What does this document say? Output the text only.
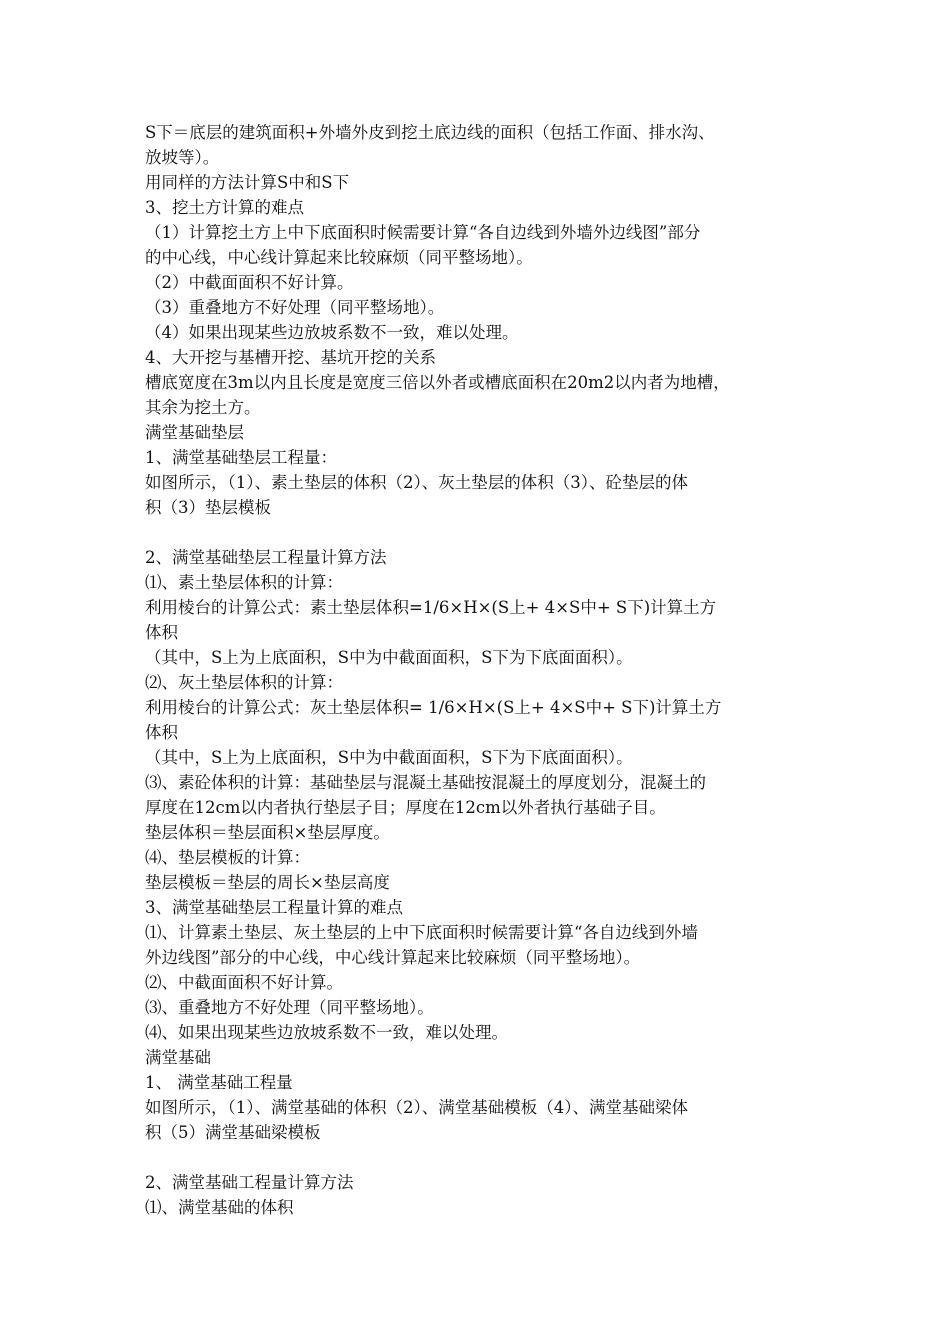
S下＝底层的建筑面积+外墙外皮到挖土底边线的面积（包括工作面、排水沟、
放坡等）。
用同样的方法计算S中和S下
3、挖土方计算的难点
（1）计算挖土方上中下底面积时候需要计算“各自边线到外墙外边线图”部分
的中心线，中心线计算起来比较麻烦（同平整场地）。
（2）中截面面积不好计算。
（3）重叠地方不好处理（同平整场地）。
（4）如果出现某些边放坡系数不一致，难以处理。
4、大开挖与基槽开挖、基坑开挖的关系
槽底宽度在3m以内且长度是宽度三倍以外者或槽底面积在20m2以内者为地槽，
其余为挖土方。
满堂基础垫层
1、满堂基础垫层工程量：
如图所示，（1）、素土垫层的体积（2）、灰土垫层的体积（3）、砼垫层的体
积（3）垫层模板
2、满堂基础垫层工程量计算方法
⑴、素土垫层体积的计算：
利用棱台的计算公式：素土垫层体积=1/6×H×(S上+ 4×S中+ S下)计算土方
体积
（其中，S上为上底面积，S中为中截面面积，S下为下底面面积）。
⑵、灰土垫层体积的计算：
利用棱台的计算公式：灰土垫层体积= 1/6×H×(S上+ 4×S中+ S下)计算土方
体积
（其中，S上为上底面积，S中为中截面面积，S下为下底面面积）。
⑶、素砼体积的计算：基础垫层与混凝土基础按混凝土的厚度划分，混凝土的
厚度在12cm以内者执行垫层子目；厚度在12cm以外者执行基础子目。
垫层体积＝垫层面积×垫层厚度。
⑷、垫层模板的计算：
垫层模板＝垫层的周长×垫层高度
3、满堂基础垫层工程量计算的难点
⑴、计算素土垫层、灰土垫层的上中下底面积时候需要计算“各自边线到外墙
外边线图”部分的中心线，中心线计算起来比较麻烦（同平整场地）。
⑵、中截面面积不好计算。
⑶、重叠地方不好处理（同平整场地）。
⑷、如果出现某些边放坡系数不一致，难以处理。
满堂基础
1、 满堂基础工程量
如图所示，（1）、满堂基础的体积（2）、满堂基础模板（4）、满堂基础梁体
积（5）满堂基础梁模板
2、满堂基础工程量计算方法
⑴、满堂基础的体积
